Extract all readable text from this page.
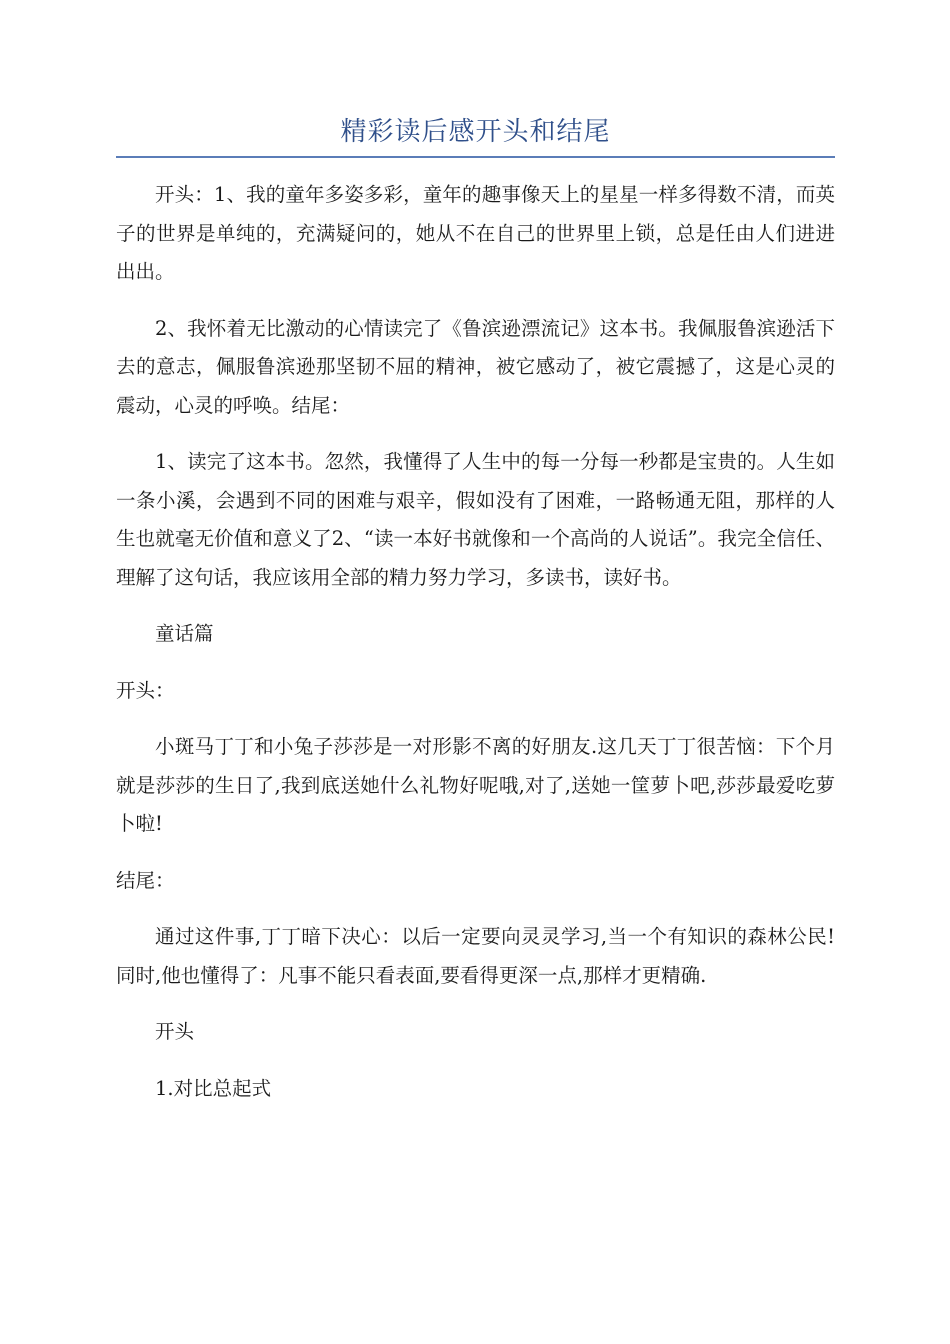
精彩读后感开头和结尾

开头：1、我的童年多姿多彩，童年的趣事像天上的星星一样多得数不清，而英子的世界是单纯的，充满疑问的，她从不在自己的世界里上锁，总是任由人们进进出出。

2、我怀着无比激动的心情读完了《鲁滨逊漂流记》这本书。我佩服鲁滨逊活下去的意志，佩服鲁滨逊那坚韧不屈的精神，被它感动了，被它震撼了，这是心灵的震动，心灵的呼唤。结尾：

1、读完了这本书。忽然，我懂得了人生中的每一分每一秒都是宝贵的。人生如一条小溪，会遇到不同的困难与艰辛，假如没有了困难，一路畅通无阻，那样的人生也就毫无价值和意义了2、“读一本好书就像和一个高尚的人说话”。我完全信任、理解了这句话，我应该用全部的精力努力学习，多读书，读好书。

童话篇

开头：

小斑马丁丁和小兔子莎莎是一对形影不离的好朋友.这几天丁丁很苦恼：下个月就是莎莎的生日了,我到底送她什么礼物好呢哦,对了,送她一筐萝卜吧,莎莎最爱吃萝卜啦!

结尾：

通过这件事,丁丁暗下决心：以后一定要向灵灵学习,当一个有知识的森林公民!同时,他也懂得了：凡事不能只看表面,要看得更深一点,那样才更精确.

开头

1.对比总起式
